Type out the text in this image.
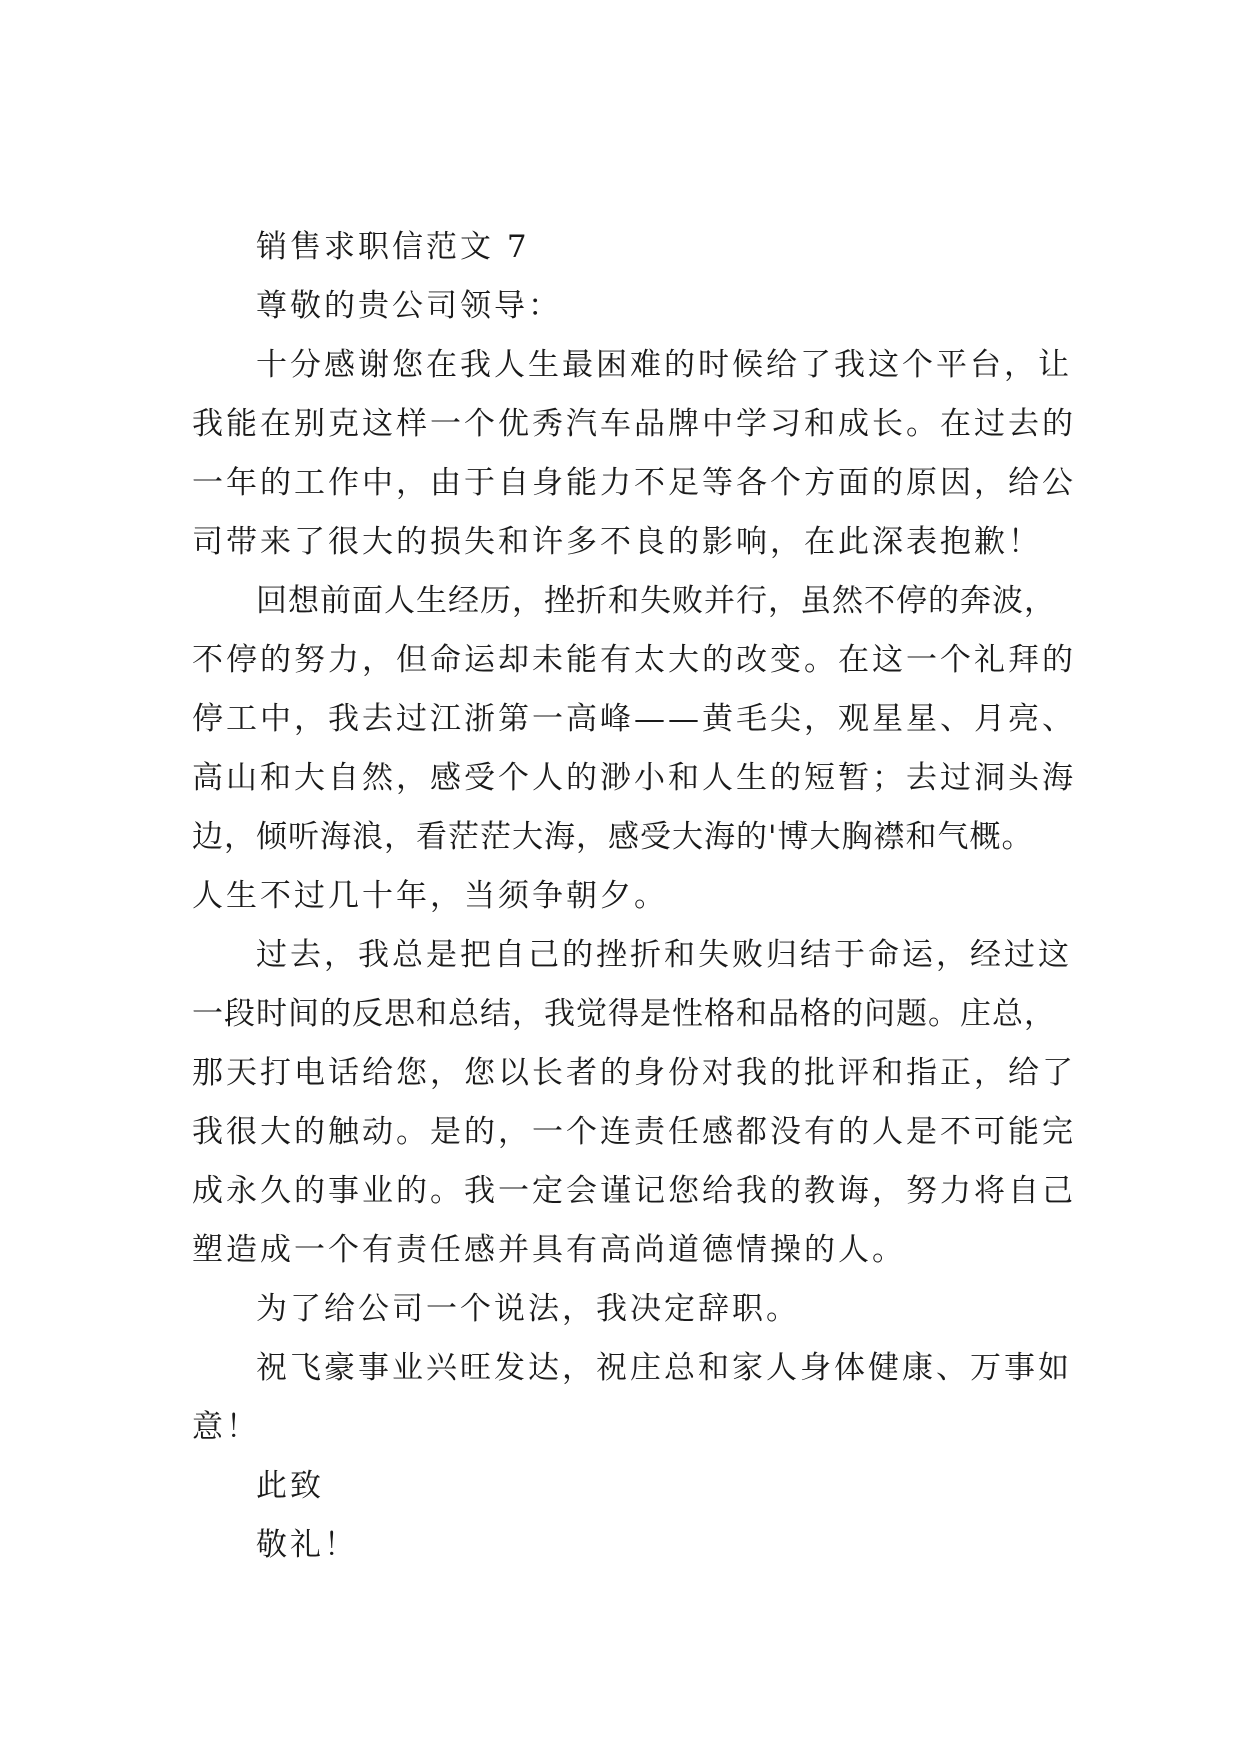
销售求职信范文 7
尊敬的贵公司领导：
十分感谢您在我人生最困难的时候给了我这个平台，让
我能在别克这样一个优秀汽车品牌中学习和成长。在过去的
一年的工作中，由于自身能力不足等各个方面的原因，给公
司带来了很大的损失和许多不良的影响，在此深表抱歉！
回想前面人生经历，挫折和失败并行，虽然不停的奔波，
不停的努力，但命运却未能有太大的改变。在这一个礼拜的
停工中，我去过江浙第一高峰——黄毛尖，观星星、月亮、
高山和大自然，感受个人的渺小和人生的短暂；去过洞头海
边，倾听海浪，看茫茫大海，感受大海的'博大胸襟和气概。
人生不过几十年，当须争朝夕。
过去，我总是把自己的挫折和失败归结于命运，经过这
一段时间的反思和总结，我觉得是性格和品格的问题。庄总，
那天打电话给您，您以长者的身份对我的批评和指正，给了
我很大的触动。是的，一个连责任感都没有的人是不可能完
成永久的事业的。我一定会谨记您给我的教诲，努力将自己
塑造成一个有责任感并具有高尚道德情操的人。
为了给公司一个说法，我决定辞职。
祝飞豪事业兴旺发达，祝庄总和家人身体健康、万事如
意！
此致
敬礼！
